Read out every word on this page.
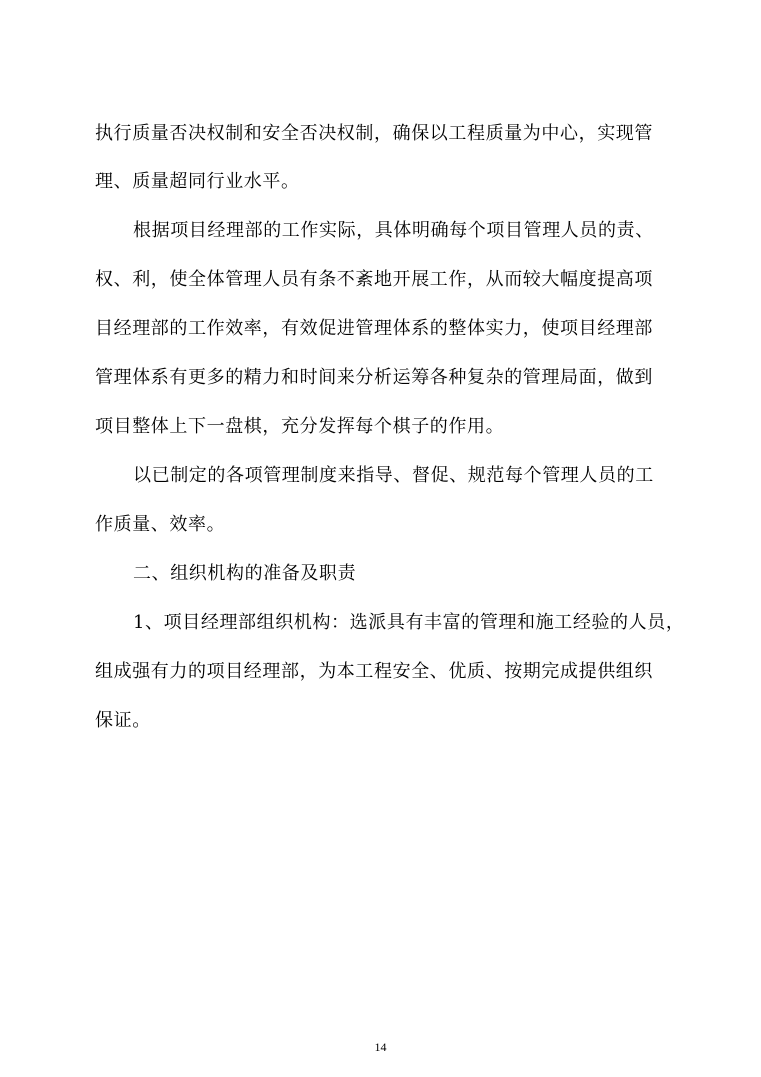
执行质量否决权制和安全否决权制，确保以工程质量为中心，实现管
理、质量超同行业水平。
根据项目经理部的工作实际，具体明确每个项目管理人员的责、
权、利，使全体管理人员有条不紊地开展工作，从而较大幅度提高项
目经理部的工作效率，有效促进管理体系的整体实力，使项目经理部
管理体系有更多的精力和时间来分析运筹各种复杂的管理局面，做到
项目整体上下一盘棋，充分发挥每个棋子的作用。
以已制定的各项管理制度来指导、督促、规范每个管理人员的工
作质量、效率。
二、组织机构的准备及职责
1、项目经理部组织机构：选派具有丰富的管理和施工经验的人员，
组成强有力的项目经理部，为本工程安全、优质、按期完成提供组织
保证。
14
